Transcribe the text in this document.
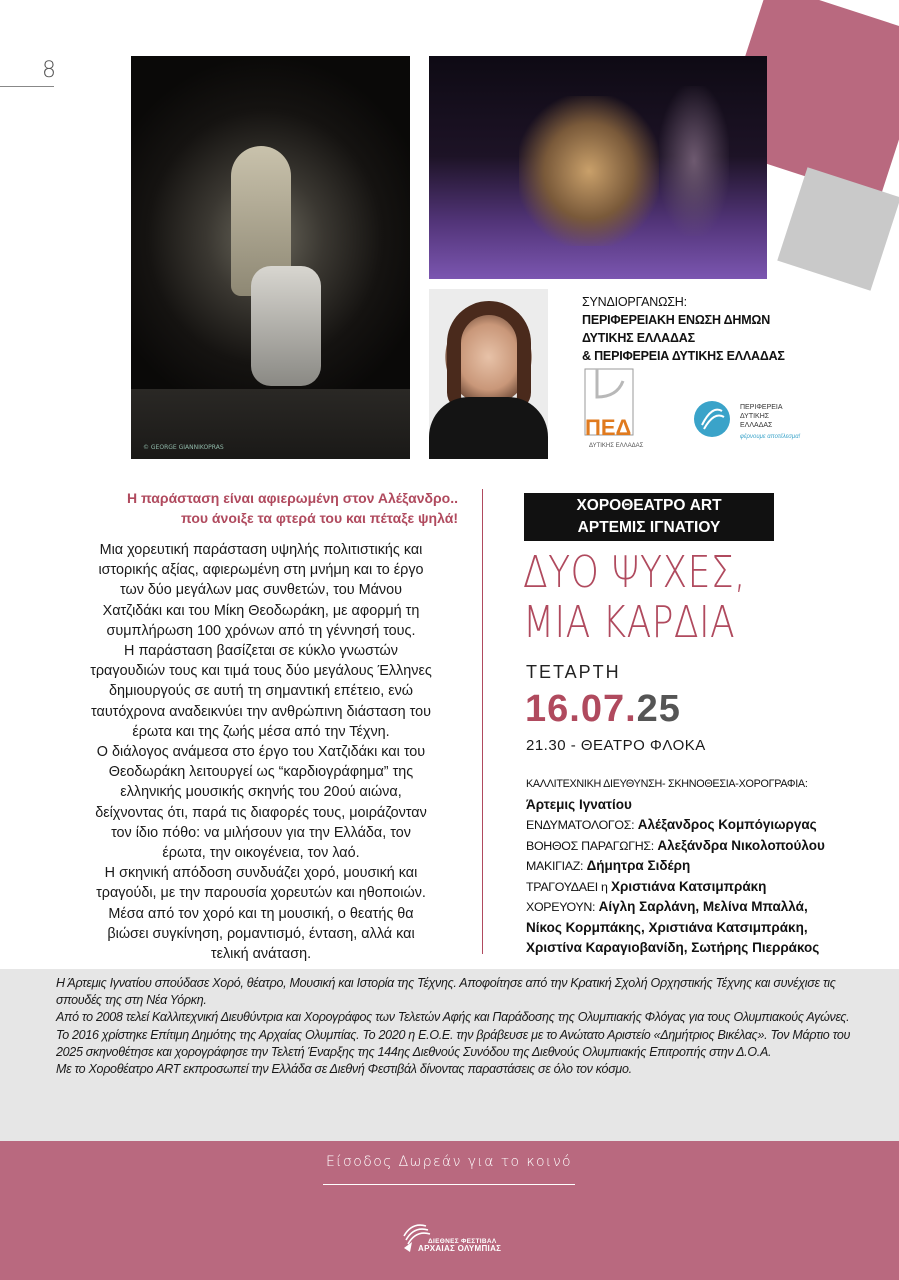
8
© GEORGE GIANNIKOPRAS
ΣΥΝΔΙΟΡΓΑΝΩΣΗ:
ΠΕΡΙΦΕΡΕΙΑΚΗ ΕΝΩΣΗ ΔΗΜΩΝ
ΔΥΤΙΚΗΣ ΕΛΛΑΔΑΣ
& ΠΕΡΙΦΕΡΕΙΑ ΔΥΤΙΚΗΣ ΕΛΛΑΔΑΣ
ΠΕΔ
ΔΥΤΙΚΗΣ ΕΛΛΑΔΑΣ
ΠΕΡΙΦΕΡΕΙΑ
ΔΥΤΙΚΗΣ
ΕΛΛΑΔΑΣ
φέρνουμε αποτέλεσμα!
Η παράσταση είναι αφιερωμένη στον Αλέξανδρο..
που άνοιξε τα φτερά του και πέταξε ψηλά!

Μια χορευτική παράσταση υψηλής πολιτιστικής και

ιστορικής αξίας, αφιερωμένη στη μνήμη και το έργο

των δύο μεγάλων μας συνθετών, του Μάνου

Χατζιδάκι και του Μίκη Θεοδωράκη, με αφορμή τη

συμπλήρωση 100 χρόνων από τη γέννησή τους.

Η παράσταση βασίζεται σε κύκλο γνωστών

τραγουδιών τους και τιμά τους δύο μεγάλους Έλληνες

δημιουργούς σε αυτή τη σημαντική επέτειο, ενώ

ταυτόχρονα αναδεικνύει την ανθρώπινη διάσταση του

έρωτα και της ζωής μέσα από την Τέχνη.

Ο διάλογος ανάμεσα στο έργο του Χατζιδάκι και του

Θεοδωράκη λειτουργεί ως “καρδιογράφημα” της

ελληνικής μουσικής σκηνής του 20ού αιώνα,

δείχνοντας ότι, παρά τις διαφορές τους, μοιράζονταν

τον ίδιο πόθο: να μιλήσουν για την Ελλάδα, τον

έρωτα, την οικογένεια, τον λαό.

Η σκηνική απόδοση συνδυάζει χορό, μουσική και

τραγούδι, με την παρουσία χορευτών και ηθοποιών.

Μέσα από τον χορό και τη μουσική, ο θεατής θα

βιώσει συγκίνηση, ρομαντισμό, ένταση, αλλά και

τελική ανάταση.

ΧΟΡΟΘΕΑΤΡΟ ART
ΑΡΤΕΜΙΣ ΙΓΝΑΤΙΟΥ
ΔΥΟ ΨΥΧΕΣ,
ΜΙΑ ΚΑΡΔΙΑ
ΤΕΤΑΡΤΗ
16.07.25
21.30 - ΘΕΑΤΡΟ ΦΛΟΚΑ
ΚΑΛΛΙΤΕΧΝΙΚΗ ΔΙΕΥΘΥΝΣΗ- ΣΚΗΝΟΘΕΣΙΑ-ΧΟΡΟΓΡΑΦΙΑ:
Άρτεμις Ιγνατίου
ΕΝΔΥΜΑΤΟΛΟΓΟΣ: Αλέξανδρος Κομπόγιωργας
ΒΟΗΘΟΣ ΠΑΡΑΓΩΓΗΣ: Αλεξάνδρα Νικολοπούλου
ΜΑΚΙΓΙΑΖ: Δήμητρα Σιδέρη
ΤΡΑΓΟΥΔΑΕΙ η Χριστιάνα Κατσιμπράκη
ΧΟΡΕΥΟΥΝ: Αίγλη Σαρλάνη, Μελίνα Μπαλλά,
Νίκος Κορμπάκης, Χριστιάνα Κατσιμπράκη,
Χριστίνα Καραγιοβανίδη, Σωτήρης Πιερράκος

Η Άρτεμις Ιγνατίου σπούδασε Χορό, θέατρο, Μουσική και Ιστορία της Τέχνης. Αποφοίτησε από την Κρατική Σχολή Ορχηστικής Τέχνης και συνέχισε τις σπουδές της στη Νέα Υόρκη.

Από το 2008 τελεί Καλλιτεχνική Διευθύντρια και Χορογράφος των Τελετών Αφής και Παράδοσης της Ολυμπιακής Φλόγας για τους Ολυμπιακούς Αγώνες.

Το 2016 χρίστηκε Επίτιμη Δημότης της Αρχαίας Ολυμπίας. Το 2020 η Ε.Ο.Ε. την βράβευσε με το Ανώτατο Αριστείο «Δημήτριος Βικέλας». Τον Μάρτιο του 2025 σκηνοθέτησε και χορογράφησε την Τελετή Έναρξης της 144ης Διεθνούς Συνόδου της Διεθνούς Ολυμπιακής Επιτροπής στην Δ.Ο.Α.

Με το Χοροθέατρο ART εκπροσωπεί την Ελλάδα σε Διεθνή Φεστιβάλ δίνοντας παραστάσεις σε όλο τον κόσμο.

Είσοδος Δωρεάν για το κοινό
ΔΙΕΘΝΕΣ ΦΕΣΤΙΒΑΛ
ΑΡΧΑΙΑΣ ΟΛΥΜΠΙΑΣ
